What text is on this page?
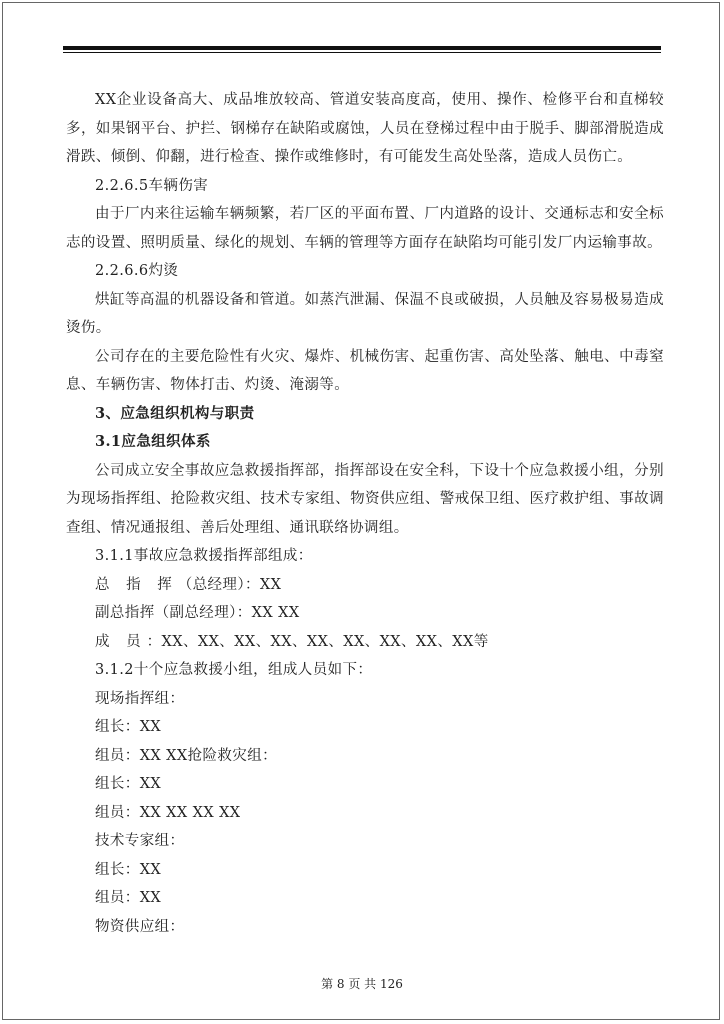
XX企业设备高大、成品堆放较高、管道安装高度高，使用、操作、检修平台和直梯较多，如果钢平台、护拦、钢梯存在缺陷或腐蚀，人员在登梯过程中由于脱手、脚部滑脱造成滑跌、倾倒、仰翻，进行检查、操作或维修时，有可能发生高处坠落，造成人员伤亡。

2.2.6.5车辆伤害

由于厂内来往运输车辆频繁，若厂区的平面布置、厂内道路的设计、交通标志和安全标志的设置、照明质量、绿化的规划、车辆的管理等方面存在缺陷均可能引发厂内运输事故。

2.2.6.6灼烫

烘缸等高温的机器设备和管道。如蒸汽泄漏、保温不良或破损，人员触及容易极易造成烫伤。

公司存在的主要危险性有火灾、爆炸、机械伤害、起重伤害、高处坠落、触电、中毒窒息、车辆伤害、物体打击、灼烫、淹溺等。

3、应急组织机构与职责

3.1应急组织体系

公司成立安全事故应急救援指挥部，指挥部设在安全科，下设十个应急救援小组，分别为现场指挥组、抢险救灾组、技术专家组、物资供应组、警戒保卫组、医疗救护组、事故调查组、情况通报组、善后处理组、通讯联络协调组。

3.1.1事故应急救援指挥部组成：

总 指 挥（总经理）：XX

副总指挥（副总经理）：XX XX

成 员：XX、XX、XX、XX、XX、XX、XX、XX、XX等

3.1.2十个应急救援小组，组成人员如下：

现场指挥组：

组长：XX

组员：XX XX抢险救灾组：

组长：XX

组员：XX XX XX XX

技术专家组：

组长：XX

组员：XX

物资供应组：

第 8 页 共 126
